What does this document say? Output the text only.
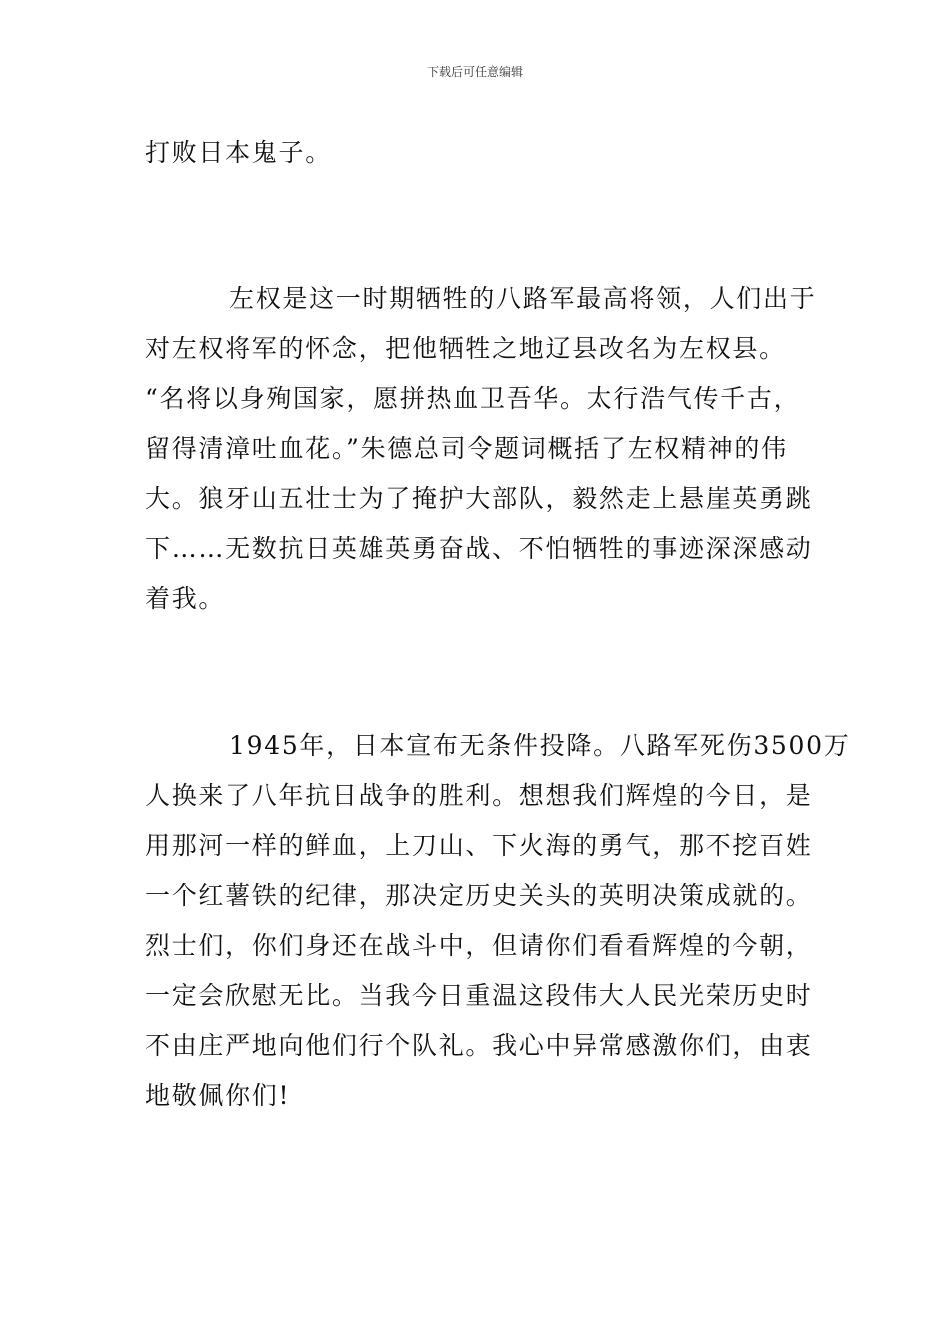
下载后可任意编辑
打败日本鬼子。
左权是这一时期牺牲的八路军最高将领，人们出于
对左权将军的怀念，把他牺牲之地辽县改名为左权县。
“名将以身殉国家，愿拼热血卫吾华。太行浩气传千古，
留得清漳吐血花。”朱德总司令题词概括了左权精神的伟
大。狼牙山五壮士为了掩护大部队，毅然走上悬崖英勇跳
下……无数抗日英雄英勇奋战、不怕牺牲的事迹深深感动
着我。
1945年，日本宣布无条件投降。八路军死伤3500万
人换来了八年抗日战争的胜利。想想我们辉煌的今日，是
用那河一样的鲜血，上刀山、下火海的勇气，那不挖百姓
一个红薯铁的纪律，那决定历史关头的英明决策成就的。
烈士们，你们身还在战斗中，但请你们看看辉煌的今朝，
一定会欣慰无比。当我今日重温这段伟大人民光荣历史时
不由庄严地向他们行个队礼。我心中异常感激你们，由衷
地敬佩你们!
